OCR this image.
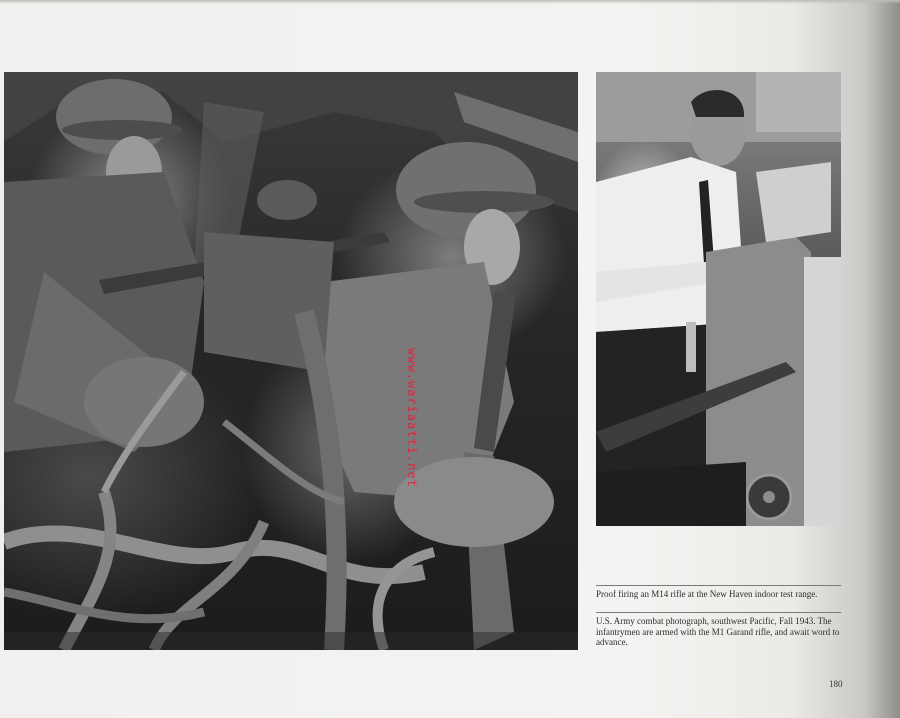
www.wariaatti.net
Proof firing an M14 rifle at the New Haven indoor test range.
U.S. Army combat photograph, southwest Pacific, Fall 1943. The infantrymen are armed with the M1 Garand rifle, and await word to advance.
180
